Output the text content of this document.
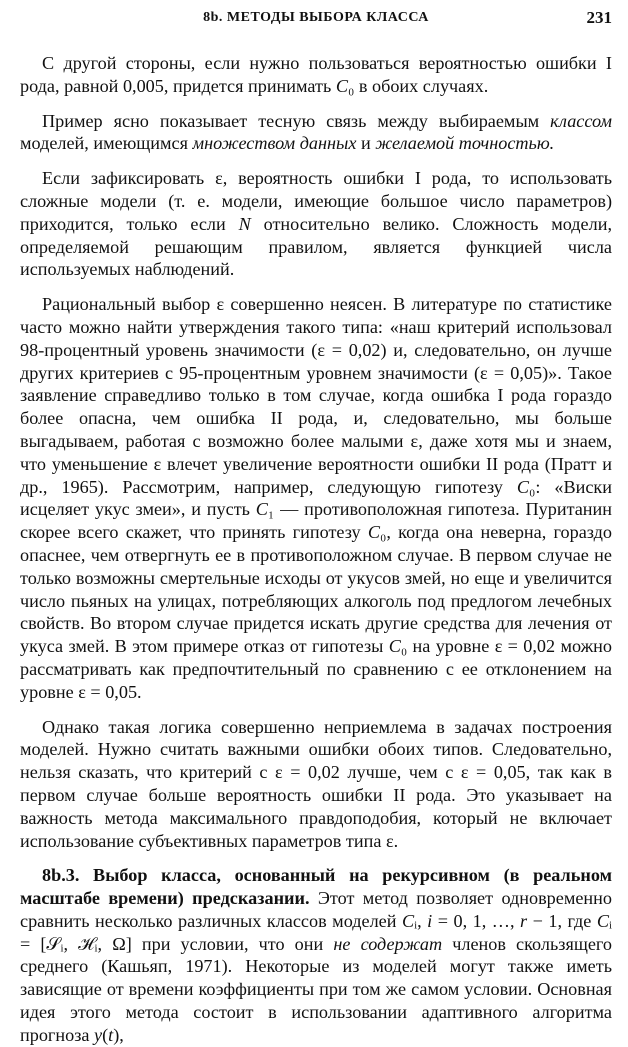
8b. МЕТОДЫ ВЫБОРА КЛАССА	231

С другой стороны, если нужно пользоваться вероятностью ошибки I рода, равной 0,005, придется принимать C₀ в обоих случаях.

Пример ясно показывает тесную связь между выбираемым классом моделей, имеющимся множеством данных и желаемой точностью.

Если зафиксировать ε, вероятность ошибки I рода, то использовать сложные модели (т. е. модели, имеющие большое число параметров) приходится, только если N относительно велико. Сложность модели, определяемой решающим правилом, является функцией числа используемых наблюдений.

Рациональный выбор ε совершенно неясен. В литературе по статистике часто можно найти утверждения такого типа: «наш критерий использовал 98-процентный уровень значимости (ε = 0,02) и, следовательно, он лучше других критериев с 95-процентным уровнем значимости (ε = 0,05)». Такое заявление справедливо только в том случае, когда ошибка I рода гораздо более опасна, чем ошибка II рода, и, следовательно, мы больше выгадываем, работая с возможно более малыми ε, даже хотя мы и знаем, что уменьшение ε влечет увеличение вероятности ошибки II рода (Пратт и др., 1965). Рассмотрим, например, следующую гипотезу C₀: «Виски исцеляет укус змеи», и пусть C₁ — противоположная гипотеза. Пуританин скорее всего скажет, что принять гипотезу C₀, когда она неверна, гораздо опаснее, чем отвергнуть ее в противоположном случае. В первом случае не только возможны смертельные исходы от укусов змей, но еще и увеличится число пьяных на улицах, потребляющих алкоголь под предлогом лечебных свойств. Во втором случае придется искать другие средства для лечения от укуса змей. В этом примере отказ от гипотезы C₀ на уровне ε = 0,02 можно рассматривать как предпочтительный по сравнению с ее отклонением на уровне ε = 0,05.

Однако такая логика совершенно неприемлема в задачах построения моделей. Нужно считать важными ошибки обоих типов. Следовательно, нельзя сказать, что критерий с ε = 0,02 лучше, чем с ε = 0,05, так как в первом случае больше вероятность ошибки II рода. Это указывает на важность метода максимального правдоподобия, который не включает использование субъективных параметров типа ε.

8b.3. Выбор класса, основанный на рекурсивном (в реальном масштабе времени) предсказании. Этот метод позволяет одновременно сравнить несколько различных классов моделей Cᵢ, i = 0, 1, …, r − 1, где Cᵢ = [𝒮ᵢ, ℋᵢ, Ω] при условии, что они не содержат членов скользящего среднего (Кашьяп, 1971). Некоторые из моделей могут также иметь зависящие от времени коэффициенты при том же самом условии. Основная идея этого метода состоит в использовании адаптивного алгоритма прогноза y(t),
